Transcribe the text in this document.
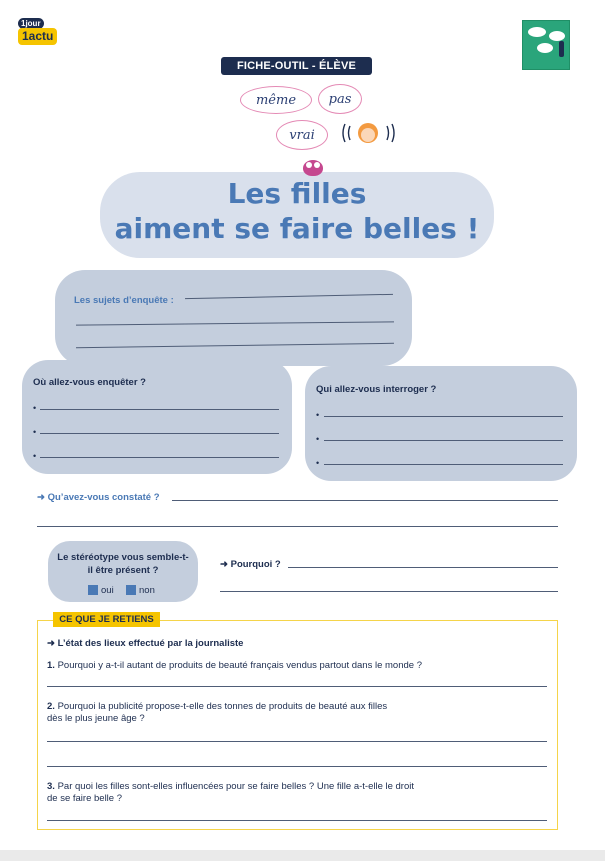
1jour
1actu
FICHE-OUTIL - ÉLÈVE
même	pas
vrai
Les filles
aiment se faire belles !
Les sujets d’enquête :
Où allez-vous enquêter ?
•
•
•
Qui allez-vous interroger ?
•
•
•
➜ Qu’avez-vous constaté ?
Le stéréotype vous semble-t-il être présent ?
oui	non
➜ Pourquoi ?
CE QUE JE RETIENS
➜ L’état des lieux effectué par la journaliste
1. Pourquoi y a-t-il autant de produits de beauté français vendus partout dans le monde ?
2. Pourquoi la publicité propose-t-elle des tonnes de produits de beauté aux filles
dès le plus jeune âge ?
3. Par quoi les filles sont-elles influencées pour se faire belles ? Une fille a-t-elle le droit
de se faire belle ?
